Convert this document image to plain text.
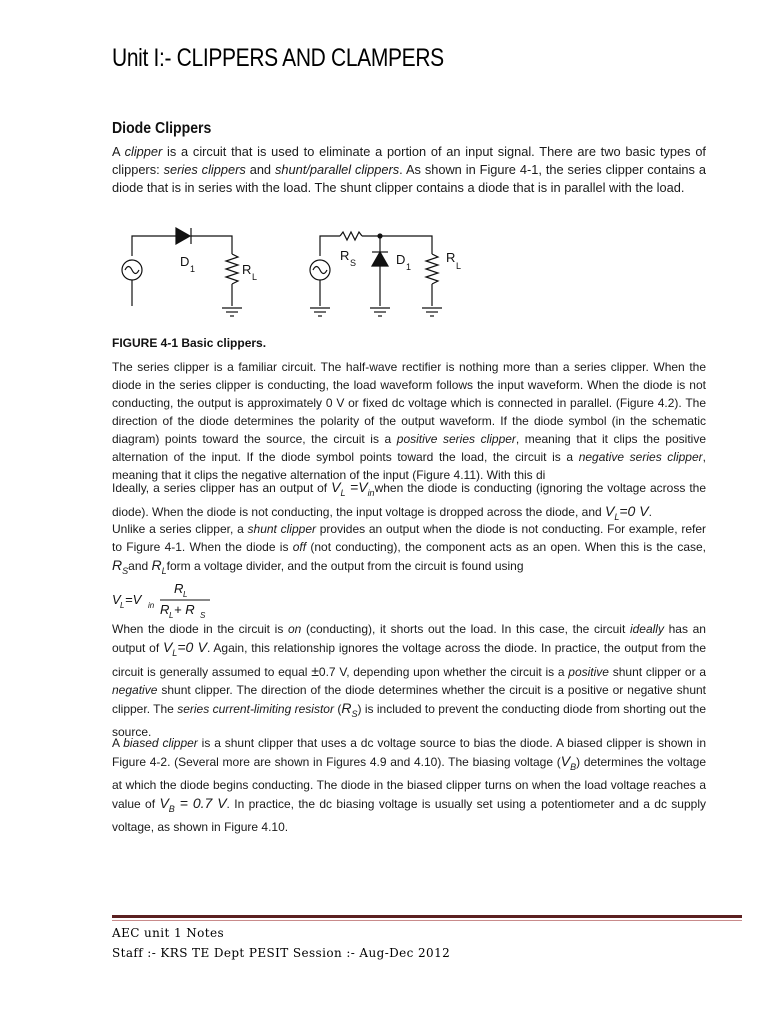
Unit I:- CLIPPERS AND CLAMPERS
Diode Clippers

A clipper is a circuit that is used to eliminate a portion of an input signal. There are two basic types of clippers: series clippers and shunt/parallel clippers. As shown in Figure 4-1, the series clipper contains a diode that is in series with the load. The shunt clipper contains a diode that is in parallel with the load.

D 1	R L
R S	D 1
R
L

FIGURE 4-1 Basic clippers.

The series clipper is a familiar circuit. The half-wave rectifier is nothing more than a series clipper. When the diode in the series clipper is conducting, the load waveform follows the input waveform. When the diode is not conducting, the output is approximately 0 V or fixed dc voltage which is connected in parallel. (Figure 4.2). The direction of the diode determines the polarity of the output waveform. If the diode symbol (in the schematic diagram) points toward the source, the circuit is a positive series clipper, meaning that it clips the positive alternation of the input. If the diode symbol points toward the load, the circuit is a negative series clipper, meaning that it clips the negative alternation of the input (Figure 4.11). With this di

Ideally, a series clipper has an output of $V_L$ $=V_{in}when$ the diode is conducting (ignoring the voltage across the diode). When the diode is not conducting, the input voltage is dropped across the diode, and $V_L=0$ V.

Unlike a series clipper, a shunt clipper provides an output when the diode is not conducting. For example, refer to Figure 4-1. When the diode is off (not conducting), the component acts as an open. When this is the case, $R_Sand$ $R_Lform$ a voltage divider, and the output from the circuit is found using

V L =V in
R L
R L + R S

When the diode in the circuit is on (conducting), it shorts out the load. In this case, the circuit ideally has an output of $V_L=0$ V. Again, this relationship ignores the voltage across the diode. In practice, the output from the circuit is generally assumed to equal ±0.7 V, depending upon whether the circuit is a positive shunt clipper or a negative shunt clipper. The direction of the diode determines whether the circuit is a positive or negative shunt clipper. The series current-limiting resistor $(R_S)$ is included to prevent the conducting diode from shorting out the source.

A biased clipper is a shunt clipper that uses a dc voltage source to bias the diode. A biased clipper is shown in Figure 4-2. (Several more are shown in Figures 4.9 and 4.10). The biasing voltage $(V_B)$ determines the voltage at which the diode begins conducting. The diode in the biased clipper turns on when the load voltage reaches a value of $V_B = 0.7$ V. In practice, the dc biasing voltage is usually set using a potentiometer and a dc supply voltage, as shown in Figure 4.10.

AEC unit 1 Notes

Staff :- KRS TE Dept PESIT Session :- Aug-Dec 2012
